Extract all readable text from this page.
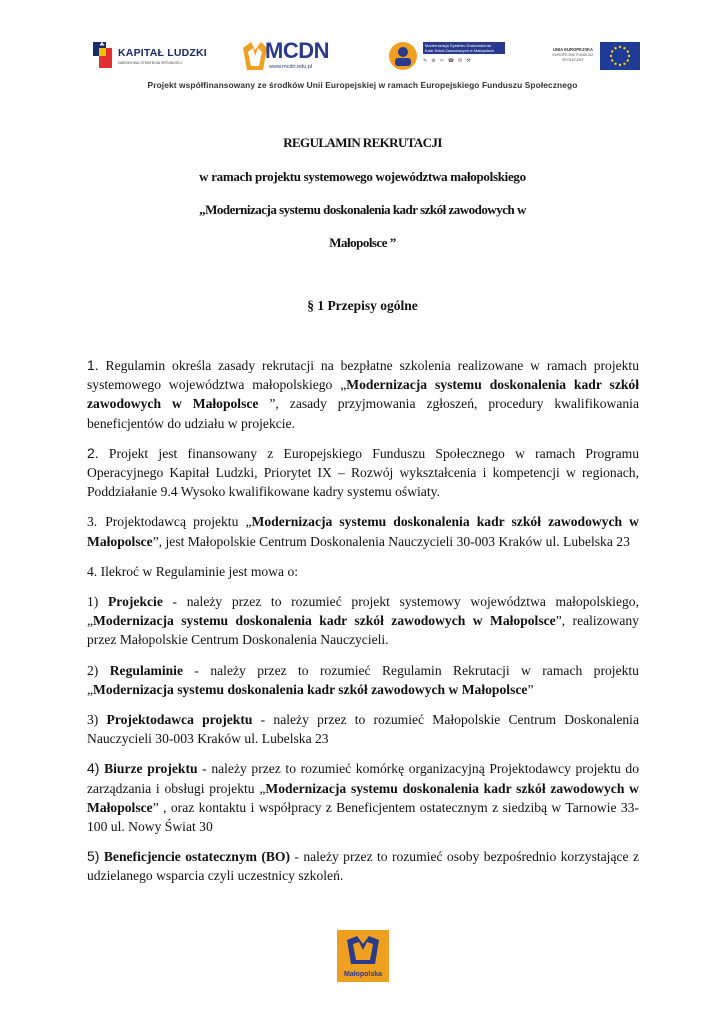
KAPITAŁ LUDZKI
NARODOWA STRATEGIA SPÓJNOŚCI	MCDN
www.mcdn.edu.pl
Modernizacja Systemu Doskonalenia
Kadr Szkół Zawodowych w Małopolsce
✎⚙✂☎✉⚒
UNIA EUROPEJSKA
EUROPEJSKI FUNDUSZ SPOŁECZNY
Projekt współfinansowany ze środków Unii Europejskiej w ramach Europejskiego Funduszu Społecznego
REGULAMIN REKRUTACJI
w ramach projektu systemowego województwa małopolskiego
„Modernizacja systemu doskonalenia kadr szkół zawodowych w
Małopolsce ”
§ 1 Przepisy ogólne

1. Regulamin określa zasady rekrutacji na bezpłatne szkolenia realizowane w ramach projektu systemowego województwa małopolskiego „Modernizacja systemu doskonalenia kadr szkół zawodowych w Małopolsce ”, zasady przyjmowania zgłoszeń, procedury kwalifikowania beneficjentów do udziału w projekcie.

2. Projekt jest finansowany z Europejskiego Funduszu Społecznego w ramach Programu Operacyjnego Kapitał Ludzki, Priorytet IX – Rozwój wykształcenia i kompetencji w regionach, Poddziałanie 9.4 Wysoko kwalifikowane kadry systemu oświaty.

3. Projektodawcą projektu „Modernizacja systemu doskonalenia kadr szkół zawodowych w Małopolsce”, jest Małopolskie Centrum Doskonalenia Nauczycieli 30-003 Kraków ul. Lubelska 23

4. Ilekroć w Regulaminie jest mowa o:

1) Projekcie - należy przez to rozumieć projekt systemowy województwa małopolskiego, „Modernizacja systemu doskonalenia kadr szkół zawodowych w Małopolsce”, realizowany przez Małopolskie Centrum Doskonalenia Nauczycieli.

2) Regulaminie - należy przez to rozumieć Regulamin Rekrutacji w ramach projektu „Modernizacja systemu doskonalenia kadr szkół zawodowych w Małopolsce”

3) Projektodawca projektu - należy przez to rozumieć Małopolskie Centrum Doskonalenia Nauczycieli 30-003 Kraków ul. Lubelska 23

4) Biurze projektu - należy przez to rozumieć komórkę organizacyjną Projektodawcy projektu do zarządzania i obsługi projektu „Modernizacja systemu doskonalenia kadr szkół zawodowych w Małopolsce” , oraz kontaktu i współpracy z Beneficjentem ostatecznym z siedzibą w Tarnowie 33-100 ul. Nowy Świat 30

5) Beneficjencie ostatecznym (BO) - należy przez to rozumieć osoby bezpośrednio korzystające z udzielanego wsparcia czyli uczestnicy szkoleń.

Małopolska
